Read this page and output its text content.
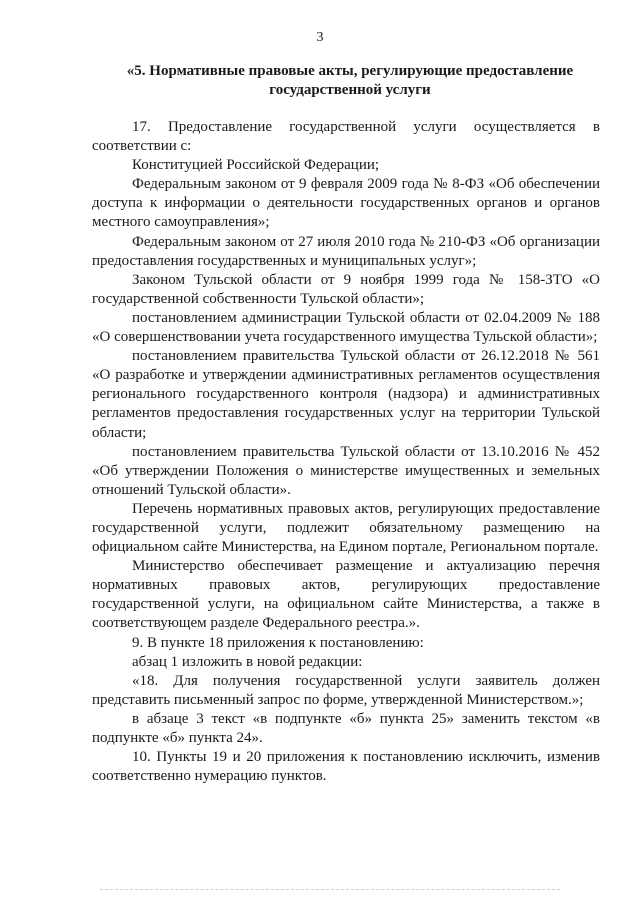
3
«5. Нормативные правовые акты, регулирующие предоставление государственной услуги

17. Предоставление государственной услуги осуществляется в соответствии с:

Конституцией Российской Федерации;

Федеральным законом от 9 февраля 2009 года № 8-ФЗ «Об обеспечении доступа к информации о деятельности государственных органов и органов местного самоуправления»;

Федеральным законом от 27 июля 2010 года № 210-ФЗ «Об организации предоставления государственных и муниципальных услуг»;

Законом Тульской области от 9 ноября 1999 года № 158-ЗТО «О государственной собственности Тульской области»;

постановлением администрации Тульской области от 02.04.2009 № 188 «О совершенствовании учета государственного имущества Тульской области»;

постановлением правительства Тульской области от 26.12.2018 № 561 «О разработке и утверждении административных регламентов осуществления регионального государственного контроля (надзора) и административных регламентов предоставления государственных услуг на территории Тульской области;

постановлением правительства Тульской области от 13.10.2016 № 452 «Об утверждении Положения о министерстве имущественных и земельных отношений Тульской области».

Перечень нормативных правовых актов, регулирующих предоставление государственной услуги, подлежит обязательному размещению на официальном сайте Министерства, на Едином портале, Региональном портале.

Министерство обеспечивает размещение и актуализацию перечня нормативных правовых актов, регулирующих предоставление государственной услуги, на официальном сайте Министерства, а также в соответствующем разделе Федерального реестра.».

9. В пункте 18 приложения к постановлению:

абзац 1 изложить в новой редакции:

«18. Для получения государственной услуги заявитель должен представить письменный запрос по форме, утвержденной Министерством.»;

в абзаце 3 текст «в подпункте «б» пункта 25» заменить текстом «в подпункте «б» пункта 24».

10. Пункты 19 и 20 приложения к постановлению исключить, изменив соответственно нумерацию пунктов.
